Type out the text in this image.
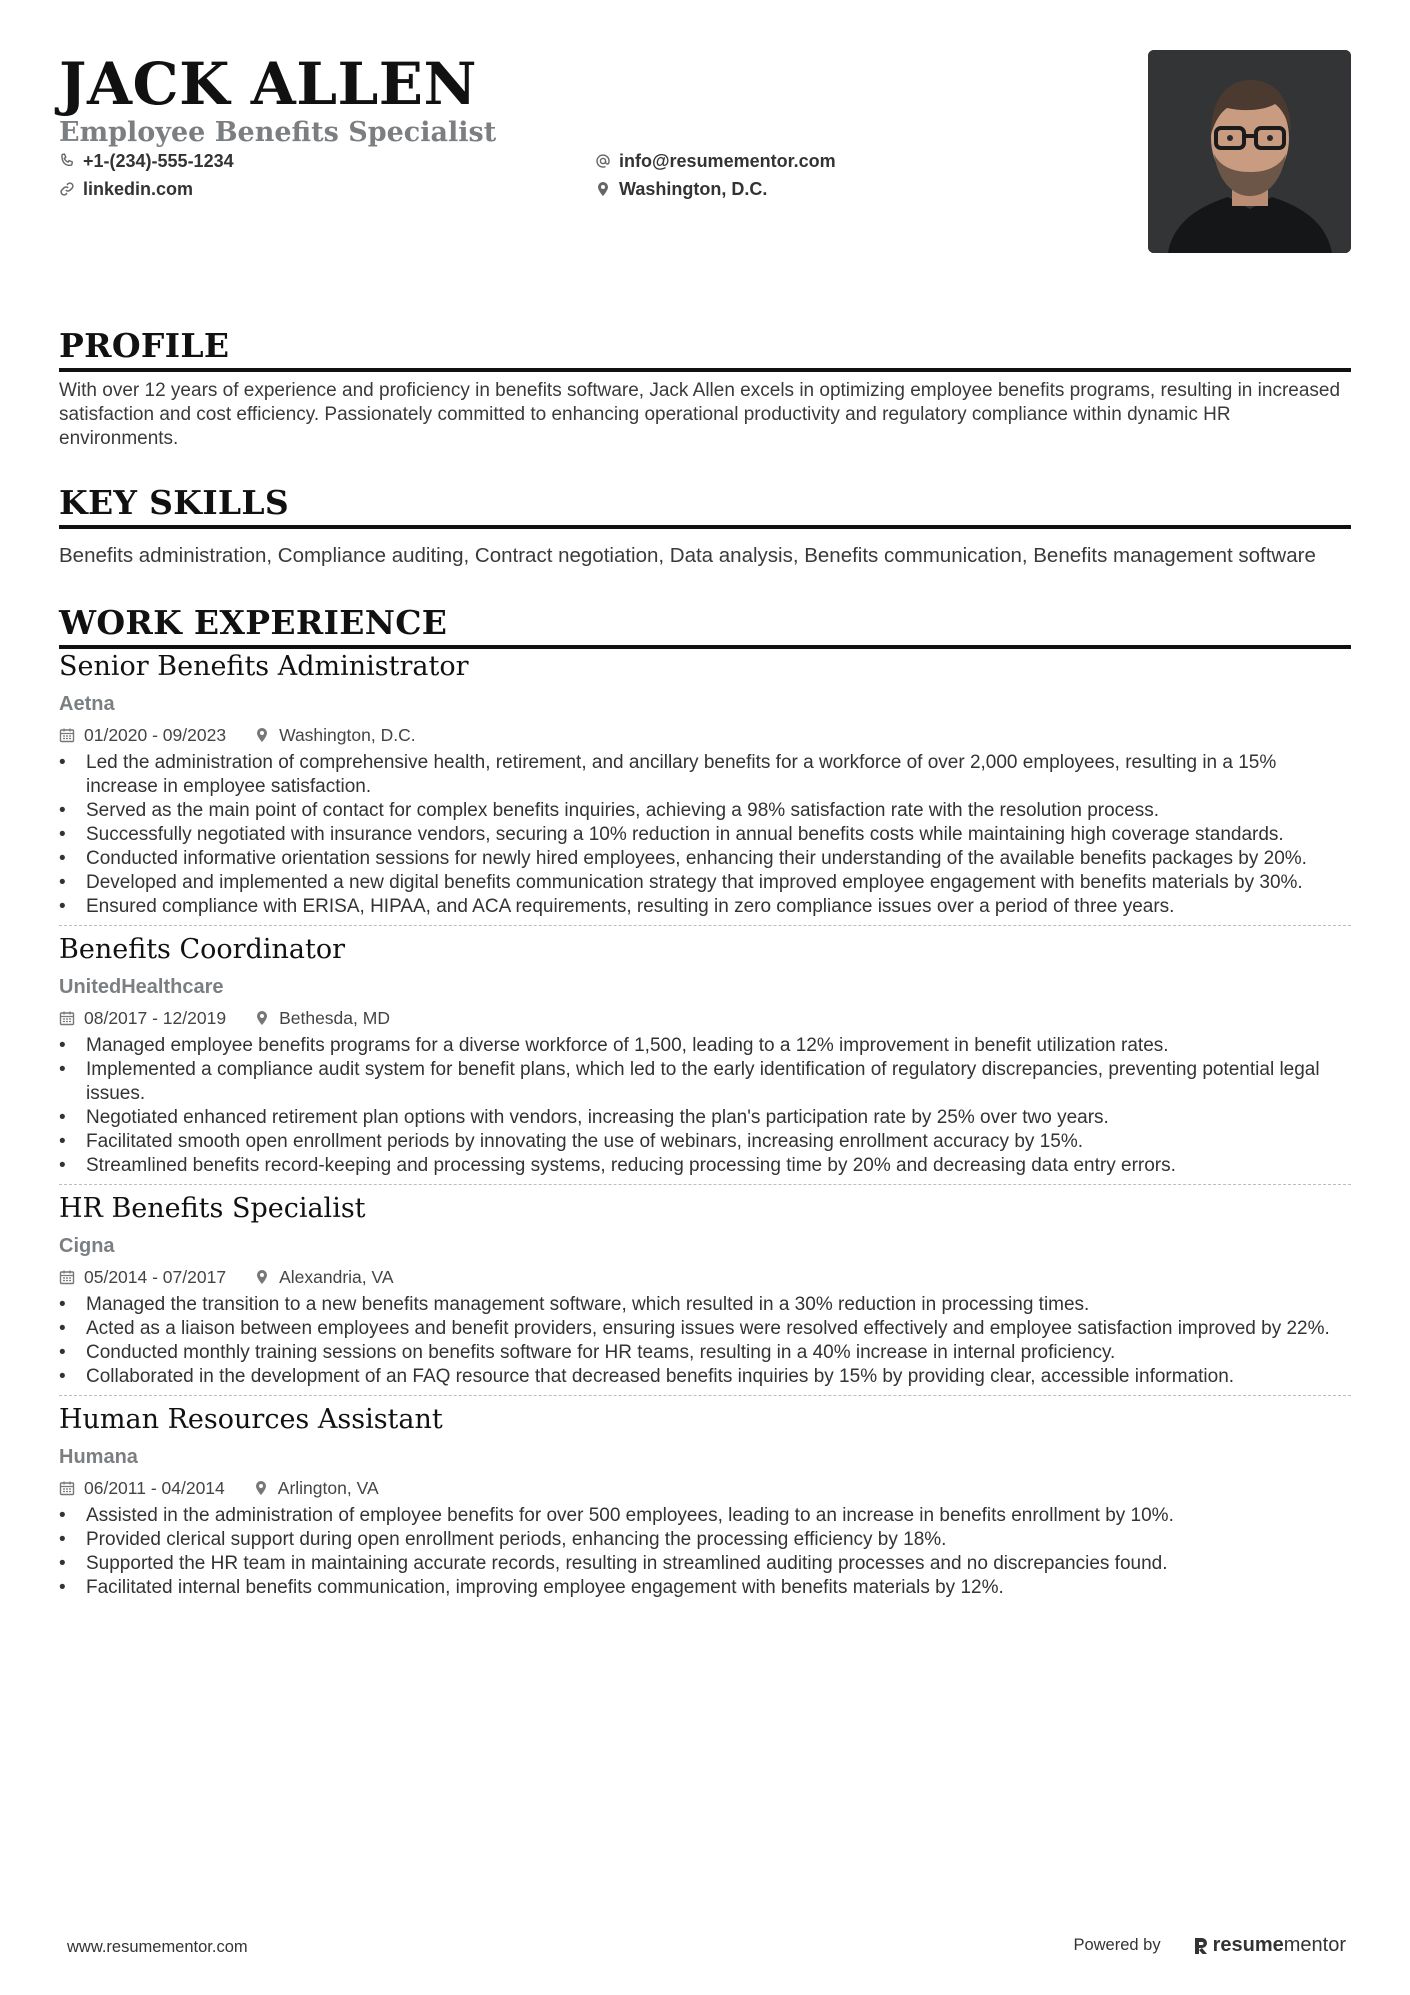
JACK ALLEN
Employee Benefits Specialist
+1-(234)-555-1234	info@resumementor.com
linkedin.com	Washington, D.C.
PROFILE

With over 12 years of experience and proficiency in benefits software, Jack Allen excels in optimizing employee benefits programs, resulting in increased satisfaction and cost efficiency. Passionately committed to enhancing operational productivity and regulatory compliance within dynamic HR environments.

KEY SKILLS

Benefits administration, Compliance auditing, Contract negotiation, Data analysis, Benefits communication, Benefits management software

WORK EXPERIENCE
Senior Benefits Administrator
Aetna
01/2020 - 09/2023	Washington, D.C.
• Led the administration of comprehensive health, retirement, and ancillary benefits for a workforce of over 2,000 employees, resulting in a 15% increase in employee satisfaction.
• Served as the main point of contact for complex benefits inquiries, achieving a 98% satisfaction rate with the resolution process.
• Successfully negotiated with insurance vendors, securing a 10% reduction in annual benefits costs while maintaining high coverage standards.
• Conducted informative orientation sessions for newly hired employees, enhancing their understanding of the available benefits packages by 20%.
• Developed and implemented a new digital benefits communication strategy that improved employee engagement with benefits materials by 30%.
• Ensured compliance with ERISA, HIPAA, and ACA requirements, resulting in zero compliance issues over a period of three years.
Benefits Coordinator
UnitedHealthcare
08/2017 - 12/2019	Bethesda, MD
• Managed employee benefits programs for a diverse workforce of 1,500, leading to a 12% improvement in benefit utilization rates.
• Implemented a compliance audit system for benefit plans, which led to the early identification of regulatory discrepancies, preventing potential legal issues.
• Negotiated enhanced retirement plan options with vendors, increasing the plan's participation rate by 25% over two years.
• Facilitated smooth open enrollment periods by innovating the use of webinars, increasing enrollment accuracy by 15%.
• Streamlined benefits record-keeping and processing systems, reducing processing time by 20% and decreasing data entry errors.
HR Benefits Specialist
Cigna
05/2014 - 07/2017	Alexandria, VA
• Managed the transition to a new benefits management software, which resulted in a 30% reduction in processing times.
• Acted as a liaison between employees and benefit providers, ensuring issues were resolved effectively and employee satisfaction improved by 22%.
• Conducted monthly training sessions on benefits software for HR teams, resulting in a 40% increase in internal proficiency.
• Collaborated in the development of an FAQ resource that decreased benefits inquiries by 15% by providing clear, accessible information.
Human Resources Assistant
Humana
06/2011 - 04/2014	Arlington, VA
• Assisted in the administration of employee benefits for over 500 employees, leading to an increase in benefits enrollment by 10%.
• Provided clerical support during open enrollment periods, enhancing the processing efficiency by 18%.
• Supported the HR team in maintaining accurate records, resulting in streamlined auditing processes and no discrepancies found.
• Facilitated internal benefits communication, improving employee engagement with benefits materials by 12%.
www.resumementor.com	Powered by	resume mentor
